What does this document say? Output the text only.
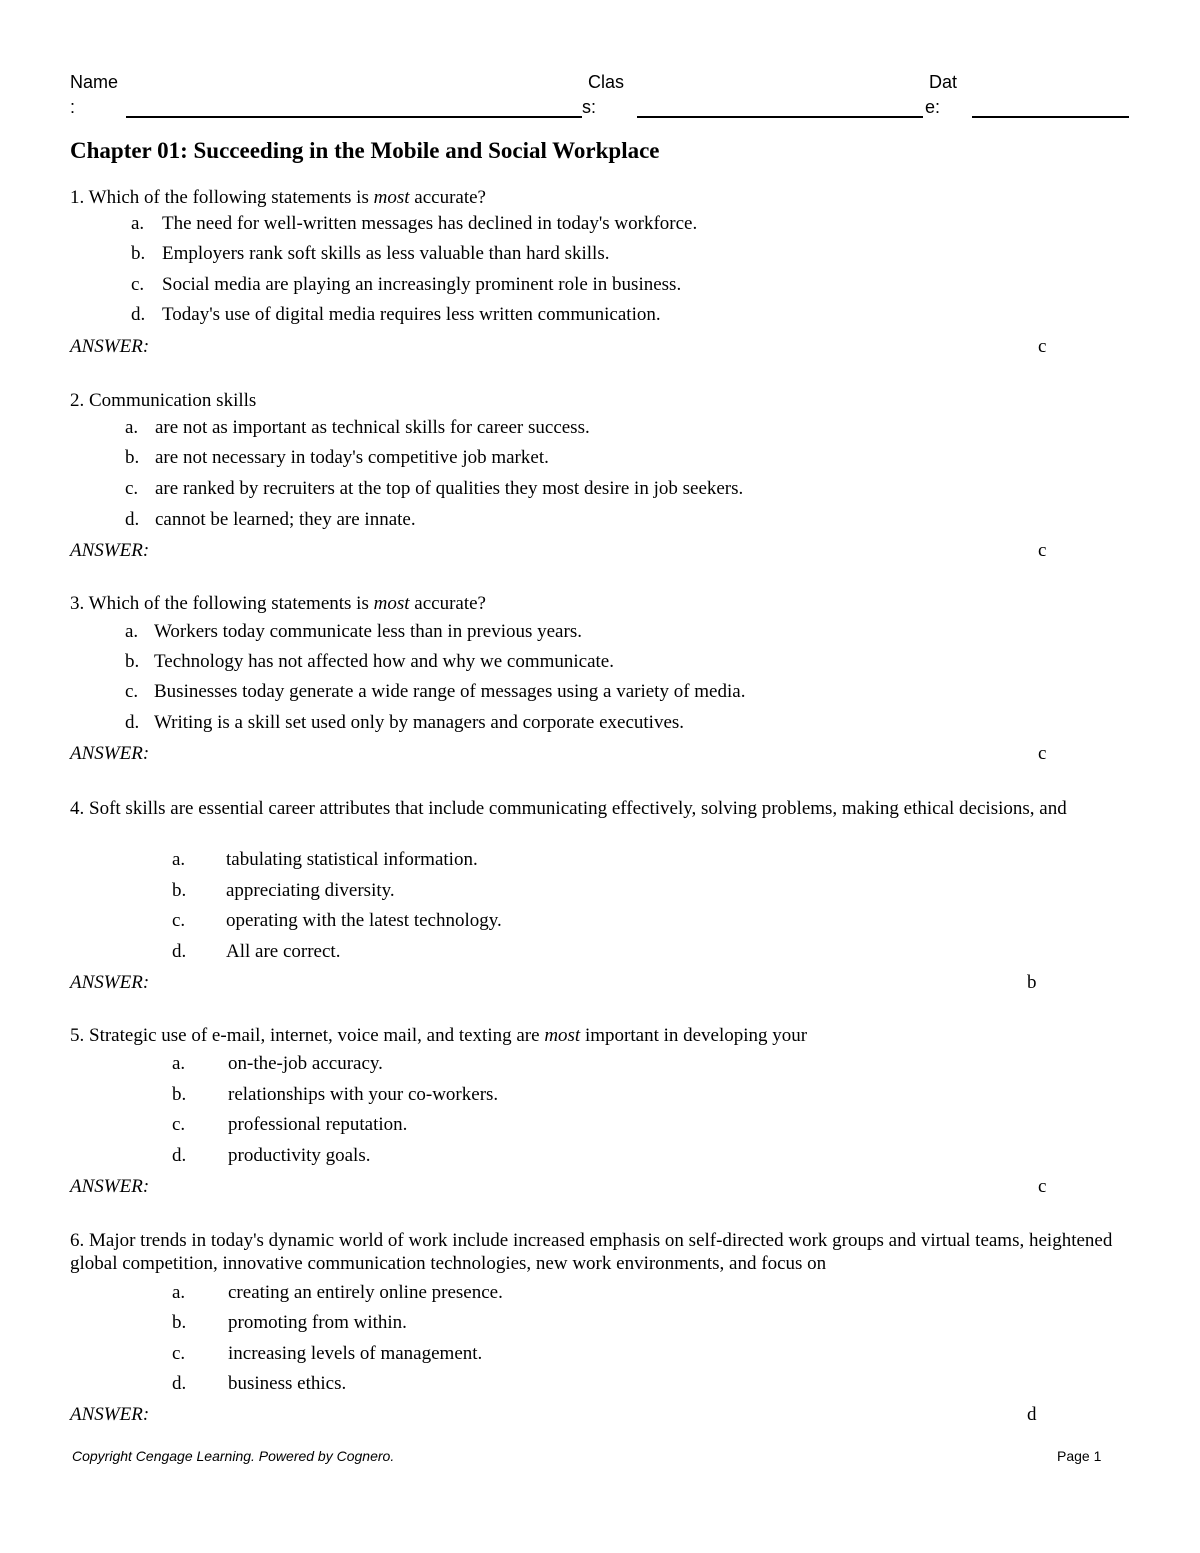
Name
:
Clas
s:
Dat
e:
Chapter 01: Succeeding in the Mobile and Social Workplace

1. Which of the following statements is most accurate?

a. The need for well-written messages has declined in today's workforce.
b. Employers rank soft skills as less valuable than hard skills.
c. Social media are playing an increasingly prominent role in business.
d. Today's use of digital media requires less written communication.
ANSWER:	c

2. Communication skills

a. are not as important as technical skills for career success.
b. are not necessary in today's competitive job market.
c. are ranked by recruiters at the top of qualities they most desire in job seekers.
d. cannot be learned; they are innate.
ANSWER:	c

3. Which of the following statements is most accurate?

a. Workers today communicate less than in previous years.
b. Technology has not affected how and why we communicate.
c. Businesses today generate a wide range of messages using a variety of media.
d. Writing is a skill set used only by managers and corporate executives.
ANSWER:	c

4. Soft skills are essential career attributes that include communicating effectively, solving problems, making ethical decisions, and

a. tabulating statistical information.
b. appreciating diversity.
c. operating with the latest technology.
d. All are correct.
ANSWER:	b

5. Strategic use of e-mail, internet, voice mail, and texting are most important in developing your

a. on-the-job accuracy.
b. relationships with your co-workers.
c. professional reputation.
d. productivity goals.
ANSWER:	c

6. Major trends in today's dynamic world of work include increased emphasis on self-directed work groups and virtual teams, heightened global competition, innovative communication technologies, new work environments, and focus on

a. creating an entirely online presence.
b. promoting from within.
c. increasing levels of management.
d. business ethics.
ANSWER:	d
Copyright Cengage Learning. Powered by Cognero.	Page 1
